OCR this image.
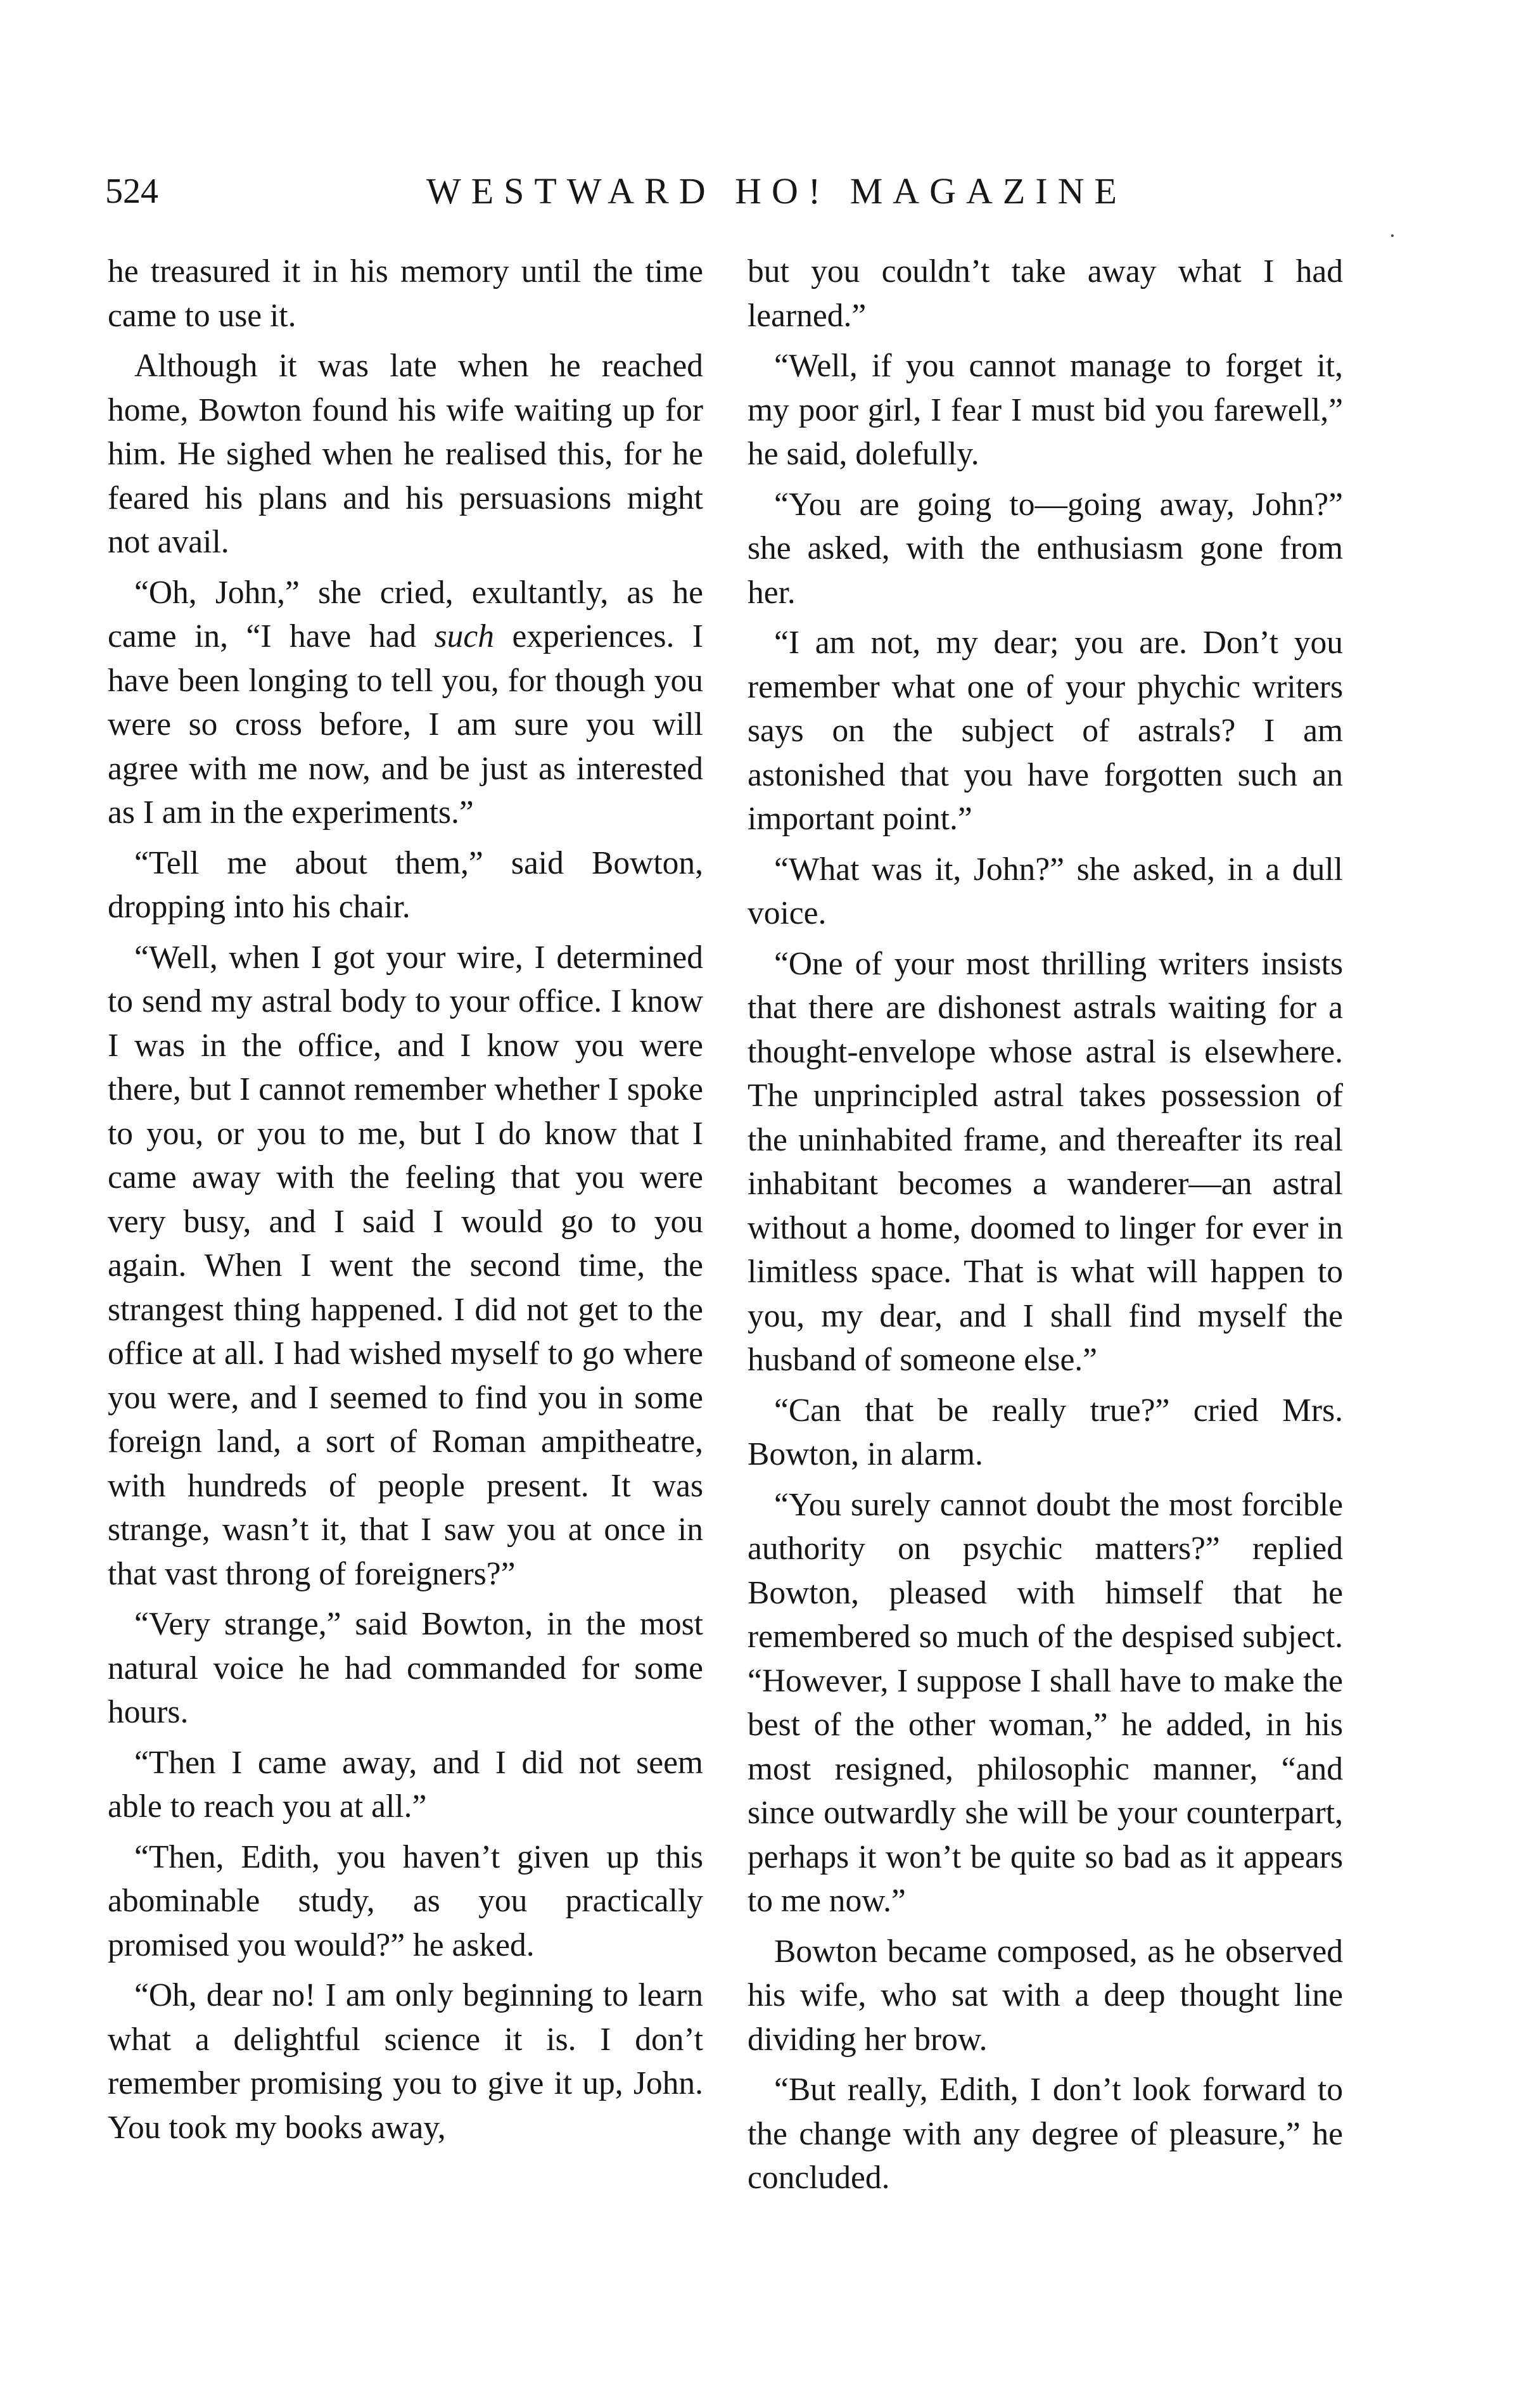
524	WESTWARD HO! MAGAZINE

he treasured it in his memory until the time came to use it.

Although it was late when he reached home, Bowton found his wife waiting up for him. He sighed when he realised this, for he feared his plans and his persuasions might not avail.

“Oh, John,” she cried, exultantly, as he came in, “I have had such experiences. I have been longing to tell you, for though you were so cross before, I am sure you will agree with me now, and be just as interested as I am in the experiments.”

“Tell me about them,” said Bowton, dropping into his chair.

“Well, when I got your wire, I determined to send my astral body to your office. I know I was in the office, and I know you were there, but I cannot remember whether I spoke to you, or you to me, but I do know that I came away with the feeling that you were very busy, and I said I would go to you again. When I went the second time, the strangest thing happened. I did not get to the office at all. I had wished myself to go where you were, and I seemed to find you in some foreign land, a sort of Roman ampitheatre, with hundreds of people present. It was strange, wasn’t it, that I saw you at once in that vast throng of foreigners?”

“Very strange,” said Bowton, in the most natural voice he had commanded for some hours.

“Then I came away, and I did not seem able to reach you at all.”

“Then, Edith, you haven’t given up this abominable study, as you practically promised you would?” he asked.

“Oh, dear no! I am only beginning to learn what a delightful science it is. I don’t remember promising you to give it up, John. You took my books away,

but you couldn’t take away what I had learned.”

“Well, if you cannot manage to forget it, my poor girl, I fear I must bid you farewell,” he said, dolefully.

“You are going to—going away, John?” she asked, with the enthusiasm gone from her.

“I am not, my dear; you are. Don’t you remember what one of your phychic writers says on the subject of astrals? I am astonished that you have forgotten such an important point.”

“What was it, John?” she asked, in a dull voice.

“One of your most thrilling writers insists that there are dishonest astrals waiting for a thought-envelope whose astral is elsewhere. The unprincipled astral takes possession of the uninhabited frame, and thereafter its real inhabitant becomes a wanderer—an astral without a home, doomed to linger for ever in limitless space. That is what will happen to you, my dear, and I shall find myself the husband of someone else.”

“Can that be really true?” cried Mrs. Bowton, in alarm.

“You surely cannot doubt the most forcible authority on psychic matters?” replied Bowton, pleased with himself that he remembered so much of the despised subject. “However, I suppose I shall have to make the best of the other woman,” he added, in his most resigned, philosophic manner, “and since outwardly she will be your counterpart, perhaps it won’t be quite so bad as it appears to me now.”

Bowton became composed, as he observed his wife, who sat with a deep thought line dividing her brow.

“But really, Edith, I don’t look forward to the change with any degree of pleasure,” he concluded.
